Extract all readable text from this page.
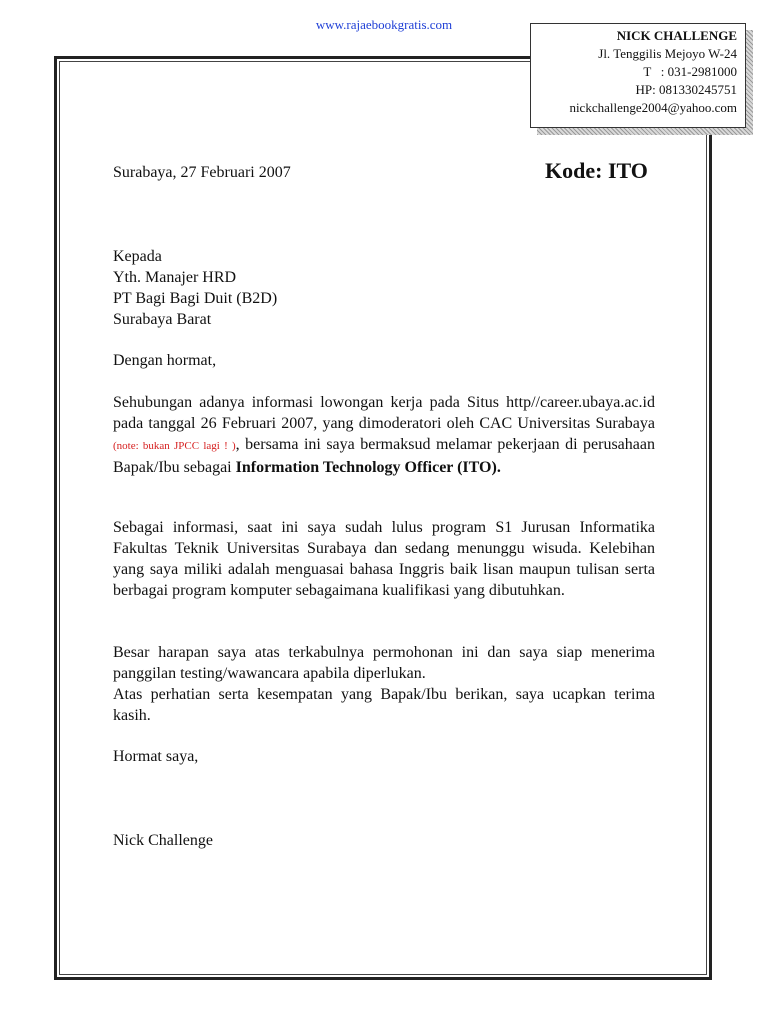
www.rajaebookgratis.com
NICK CHALLENGE
Jl. Tenggilis Mejoyo W-24
T   : 031-2981000
HP: 081330245751
nickchallenge2004@yahoo.com
Surabaya, 27 Februari 2007	Kode: ITO
Kepada
Yth. Manajer HRD
PT Bagi Bagi Duit (B2D)
Surabaya Barat
Dengan hormat,
Sehubungan adanya informasi lowongan kerja pada Situs http//career.ubaya.ac.id pada tanggal 26 Februari 2007, yang dimoderatori oleh CAC Universitas Surabaya (note: bukan JPCC lagi ! ), bersama ini saya bermaksud melamar pekerjaan di perusahaan Bapak/Ibu sebagai Information Technology Officer (ITO).
Sebagai informasi, saat ini saya sudah lulus program S1 Jurusan Informatika Fakultas Teknik Universitas Surabaya dan sedang menunggu wisuda. Kelebihan yang saya miliki adalah menguasai bahasa Inggris baik lisan maupun tulisan serta berbagai program komputer sebagaimana kualifikasi yang dibutuhkan.
Besar harapan saya atas terkabulnya permohonan ini dan saya siap menerima panggilan testing/wawancara apabila diperlukan.
Atas perhatian serta kesempatan yang Bapak/Ibu berikan, saya ucapkan terima kasih.
Hormat saya,
Nick Challenge
